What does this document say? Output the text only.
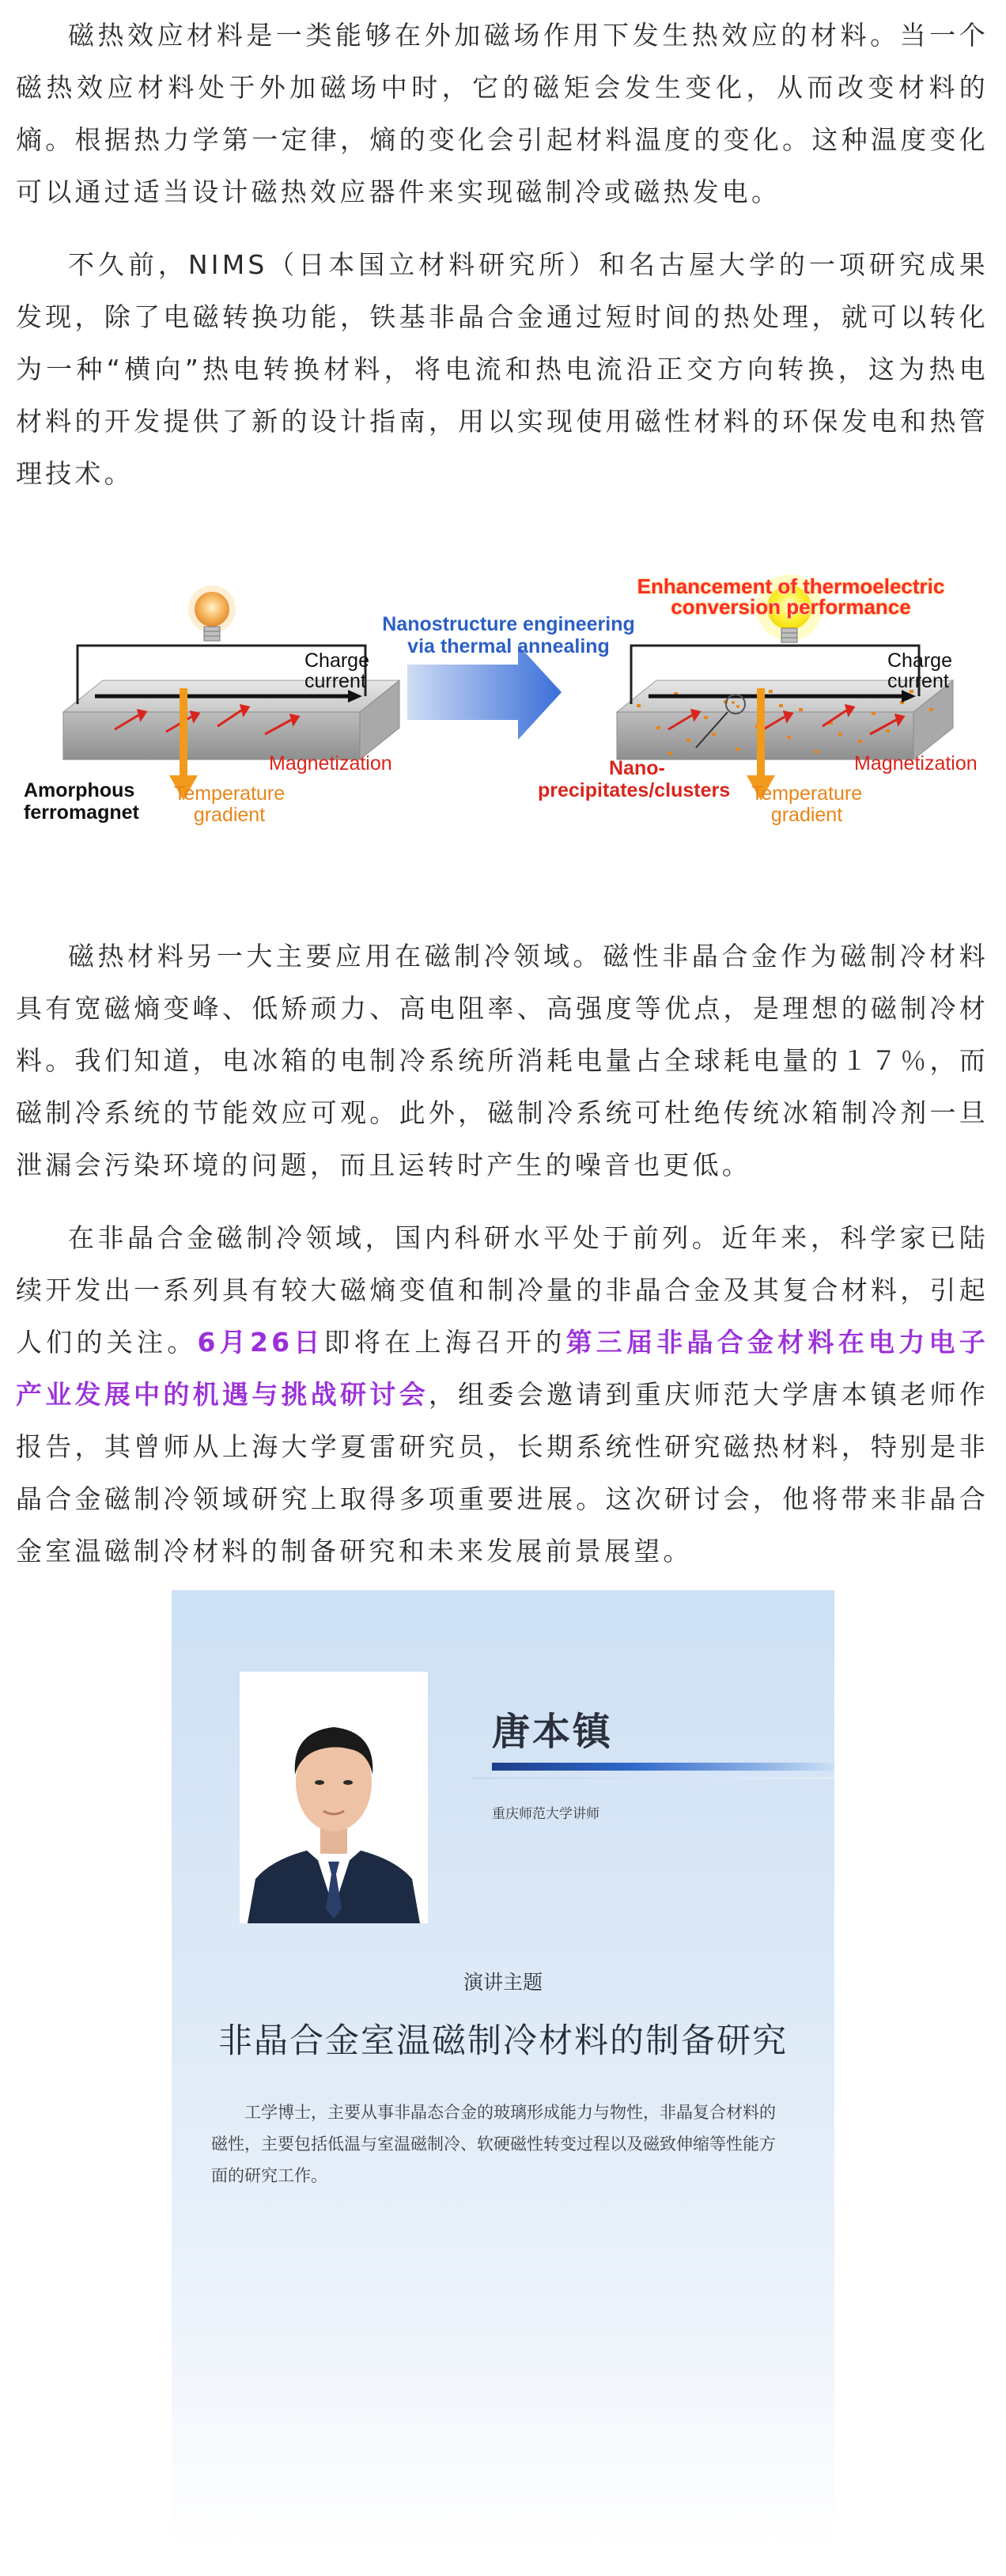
磁热效应材料是一类能够在外加磁场作用下发生热效应的材料。当一个磁热效应材料处于外加磁场中时，它的磁矩会发生变化，从而改变材料的熵。根据热力学第一定律，熵的变化会引起材料温度的变化。这种温度变化可以通过适当设计磁热效应器件来实现磁制冷或磁热发电。

不久前，NIMS（日本国立材料研究所）和名古屋大学的一项研究成果发现，除了电磁转换功能，铁基非晶合金通过短时间的热处理，就可以转化为一种“横向”热电转换材料，将电流和热电流沿正交方向转换，这为热电材料的开发提供了新的设计指南，用以实现使用磁性材料的环保发电和热管理技术。

Enhancement of thermoelectric
conversion performance
Nanostructure engineering
via thermal annealing
Charge
current
Magnetization
Temperature
gradient
Amorphous
ferromagnet
Charge
current
Magnetization
Temperature
gradient
Nano-
precipitates/clusters

磁热材料另一大主要应用在磁制冷领域。磁性非晶合金作为磁制冷材料具有宽磁熵变峰、低矫顽力、高电阻率、高强度等优点，是理想的磁制冷材料。我们知道，电冰箱的电制冷系统所消耗电量占全球耗电量的１７％，而磁制冷系统的节能效应可观。此外，磁制冷系统可杜绝传统冰箱制冷剂一旦泄漏会污染环境的问题，而且运转时产生的噪音也更低。

在非晶合金磁制冷领域，国内科研水平处于前列。近年来，科学家已陆续开发出一系列具有较大磁熵变值和制冷量的非晶合金及其复合材料，引起人们的关注。6月26日即将在上海召开的第三届非晶合金材料在电力电子产业发展中的机遇与挑战研讨会，组委会邀请到重庆师范大学唐本镇老师作报告，其曾师从上海大学夏雷研究员，长期系统性研究磁热材料，特别是非晶合金磁制冷领域研究上取得多项重要进展。这次研讨会，他将带来非晶合金室温磁制冷材料的制备研究和未来发展前景展望。

唐本镇
重庆师范大学讲师
演讲主题
非晶合金室温磁制冷材料的制备研究

工学博士，主要从事非晶态合金的玻璃形成能力与物性，非晶复合材料的磁性，主要包括低温与室温磁制冷、软硬磁性转变过程以及磁致伸缩等性能方面的研究工作。
